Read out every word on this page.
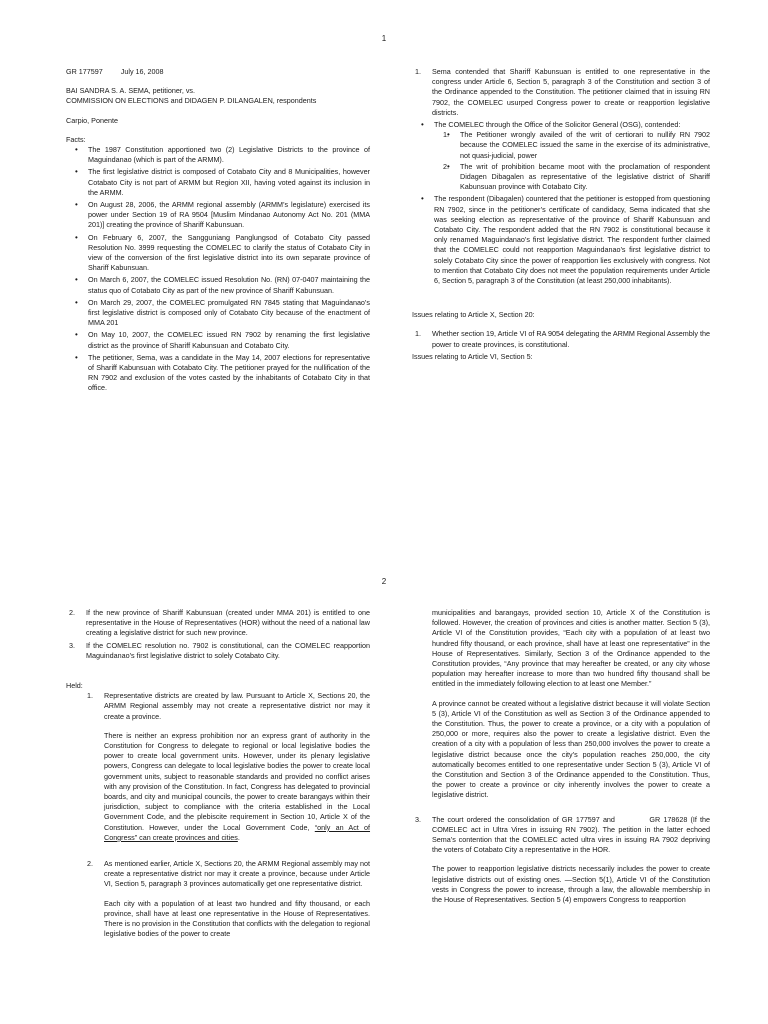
1

GR 177597	July 16, 2008

BAI SANDRA S. A. SEMA, petitioner, vs.

COMMISSION ON ELECTIONS and DIDAGEN P. DILANGALEN, respondents

Carpio, Ponente

Facts:

• The 1987 Constitution apportioned two (2) Legislative Districts to the province of Maguindanao (which is part of the ARMM).
• The first legislative district is composed of Cotabato City and 8 Municipalities, however Cotabato City is not part of ARMM but Region XII, having voted against its inclusion in the ARMM.
• On August 28, 2006, the ARMM regional assembly (ARMM’s legislature) exercised its power under Section 19 of RA 9504 [Muslim Mindanao Autonomy Act No. 201 (MMA 201)] creating the province of Shariff Kabunsuan.
• On February 6, 2007, the Sangguniang Panglungsod of Cotabato City passed Resolution No. 3999 requesting the COMELEC to clarify the status of Cotabato City in view of the conversion of the first legislative district into its own separate province of Shariff Kabunsuan.
• On March 6, 2007, the COMELEC issued Resolution No. (RN) 07-0407 maintaining the status quo of Cotabato City as part of the new province of Shariff Kabunsuan.
• On March 29, 2007, the COMELEC promulgated RN 7845 stating that Maguindanao’s first legislative district is composed only of Cotabato City because of the enactment of MMA 201
• On May 10, 2007, the COMELEC issued RN 7902 by renaming the first legislative district as the province of Shariff Kabunsuan and Cotabato City.
• The petitioner, Sema, was a candidate in the May 14, 2007 elections for representative of Shariff Kabunsuan with Cotabato City. The petitioner prayed for the nullification of the RN 7902 and exclusion of the votes casted by the inhabitants of Cotabato City in that office.
1. Sema contended that Shariff Kabunsuan is entitled to one representative in the congress under Article 6, Section 5, paragraph 3 of the Constitution and section 3 of the Ordinance appended to the Constitution. The petitioner claimed that in issuing RN 7902, the COMELEC usurped Congress power to create or reapportion legislative districts.
• The COMELEC through the Office of the Solicitor General (OSG), contended:
• 1. The Petitioner wrongly availed of the writ of certiorari to nullify RN 7902 because the COMELEC issued the same in the exercise of its administrative, not quasi-judicial, power
• 2. The writ of prohibition became moot with the proclamation of respondent Didagen Dibagalen as representative of the legislative district of Shariff Kabunsuan province with Cotabato City.
• The respondent (Dibagalen) countered that the petitioner is estopped from questioning RN 7902, since in the petitioner’s certificate of candidacy, Sema indicated that she was seeking election as representative of the province of Shariff Kabunsuan and Cotabato City. The respondent added that the RN 7902 is constitutional because it only renamed Maguindanao’s first legislative district. The respondent further claimed that the COMELEC could not reapportion Maguindanao’s first legislative district to solely Cotabato City since the power of reapportion lies exclusively with congress. Not to mention that Cotabato City does not meet the population requirements under Article 6, Section 5, paragraph 3 of the Constitution (at least 250,000 inhabitants).

Issues relating to Article X, Section 20:

1. Whether section 19, Article VI of RA 9054 delegating the ARMM Regional Assembly the power to create provinces, is constitutional.

Issues relating to Article VI, Section 5:

2
2. If the new province of Shariff Kabunsuan (created under MMA 201) is entitled to one representative in the House of Representatives (HOR) without the need of a national law creating a legislative district for such new province.
3. If the COMELEC resolution no. 7902 is constitutional, can the COMELEC reapportion Maguindanao’s first legislative district to solely Cotabato City.

Held:

1. Representative districts are created by law. Pursuant to Article X, Sections 20, the ARMM Regional assembly may not create a representative district nor may it create a province.

There is neither an express prohibition nor an express grant of authority in the Constitution for Congress to delegate to regional or local legislative bodies the power to create local government units. However, under its plenary legislative powers, Congress can delegate to local legislative bodies the power to create local government units, subject to reasonable standards and provided no conflict arises with any provision of the Constitution. In fact, Congress has delegated to provincial boards, and city and municipal councils, the power to create barangays within their jurisdiction, subject to compliance with the criteria established in the Local Government Code, and the plebiscite requirement in Section 10, Article X of the Constitution. However, under the Local Government Code, “only an Act of Congress” can create provinces and cities.

2. As mentioned earlier, Article X, Sections 20, the ARMM Regional assembly may not create a representative district nor may it create a province, because under Article VI, Section 5, paragraph 3 provinces automatically get one representative district.

Each city with a population of at least two hundred and fifty thousand, or each province, shall have at least one representative in the House of Representatives. There is no provision in the Constitution that conflicts with the delegation to regional legislative bodies of the power to create

municipalities and barangays, provided section 10, Article X of the Constitution is followed. However, the creation of provinces and cities is another matter. Section 5 (3), Article VI of the Constitution provides, “Each city with a population of at least two hundred fifty thousand, or each province, shall have at least one representative” in the House of Representatives. Similarly, Section 3 of the Ordinance appended to the Constitution provides, “Any province that may hereafter be created, or any city whose population may hereafter increase to more than two hundred fifty thousand shall be entitled in the immediately following election to at least one Member.”

A province cannot be created without a legislative district because it will violate Section 5 (3), Article VI of the Constitution as well as Section 3 of the Ordinance appended to the Constitution. Thus, the power to create a province, or a city with a population of 250,000 or more, requires also the power to create a legislative district. Even the creation of a city with a population of less than 250,000 involves the power to create a legislative district because once the city’s population reaches 250,000, the city automatically becomes entitled to one representative under Section 5 (3), Article VI of the Constitution and Section 3 of the Ordinance appended to the Constitution. Thus, the power to create a province or city inherently involves the power to create a legislative district.

3. The court ordered the consolidation of GR 177597 and           GR 178628 (If the COMELEC act in Ultra Vires in issuing RN 7902). The petition in the latter echoed Sema’s contention that the COMELEC acted ultra vires in issuing RA 7902 depriving the voters of Cotabato City a representative in the HOR.

The power to reapportion legislative districts necessarily includes the power to create legislative districts out of existing ones. —Section 5(1), Article VI of the Constitution vests in Congress the power to increase, through a law, the allowable membership in the House of Representatives. Section 5 (4) empowers Congress to reapportion
